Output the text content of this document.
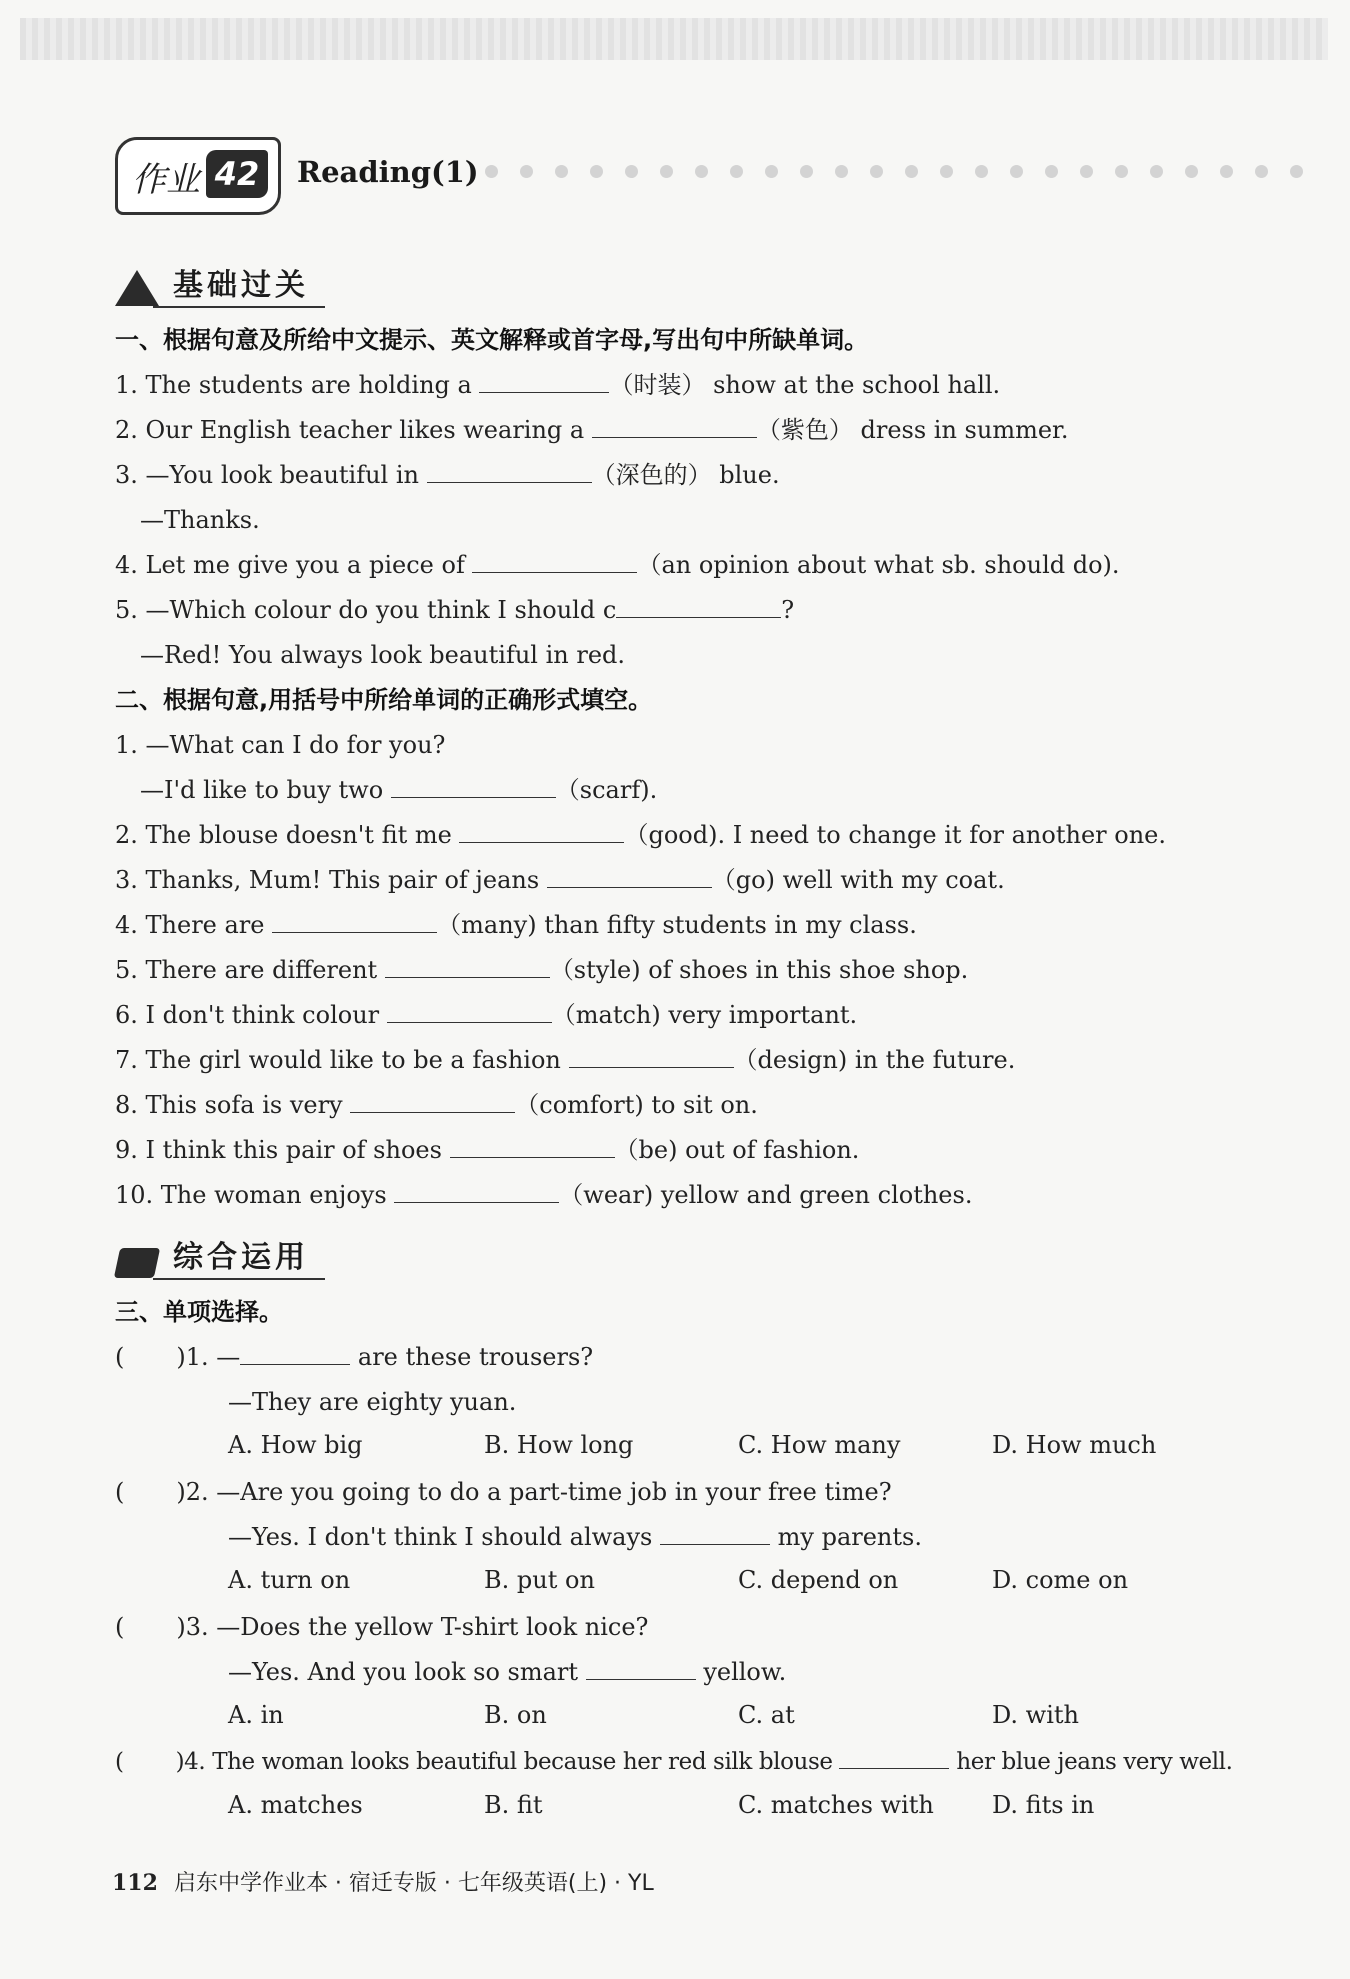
作业 42	Reading(1)
基础过关
一、根据句意及所给中文提示、英文解释或首字母,写出句中所缺单词。
1. The students are holding a	（时装） show at the school hall.
2. Our English teacher likes wearing a	（紫色） dress in summer.
3. —You look beautiful in	（深色的） blue.
—Thanks.
4. Let me give you a piece of	（an opinion about what sb. should do).
5. —Which colour do you think I should c	?
—Red! You always look beautiful in red.
二、根据句意,用括号中所给单词的正确形式填空。
1. —What can I do for you?
—I'd like to buy two	（scarf).
2. The blouse doesn't fit me	（good). I need to change it for another one.
3. Thanks, Mum! This pair of jeans	（go) well with my coat.
4. There are	（many) than fifty students in my class.
5. There are different	（style) of shoes in this shoe shop.
6. I don't think colour	（match) very important.
7. The girl would like to be a fashion	（design) in the future.
8. This sofa is very	（comfort) to sit on.
9. I think this pair of shoes	（be) out of fashion.
10. The woman enjoys	（wear) yellow and green clothes.
综合运用
三、单项选择。
( )1. —	are these trousers?
—They are eighty yuan.
A. How big	B. How long	C. How many	D. How much
( )2. —Are you going to do a part-time job in your free time?
—Yes. I don't think I should always	my parents.
A. turn on	B. put on	C. depend on	D. come on
( )3. —Does the yellow T-shirt look nice?
—Yes. And you look so smart	yellow.
A. in	B. on	C. at	D. with
( )4. The woman looks beautiful because her red silk blouse	her blue jeans very well.
A. matches	B. fit	C. matches with D. fits in
112 启东中学作业本 · 宿迁专版 · 七年级英语(上) · YL
